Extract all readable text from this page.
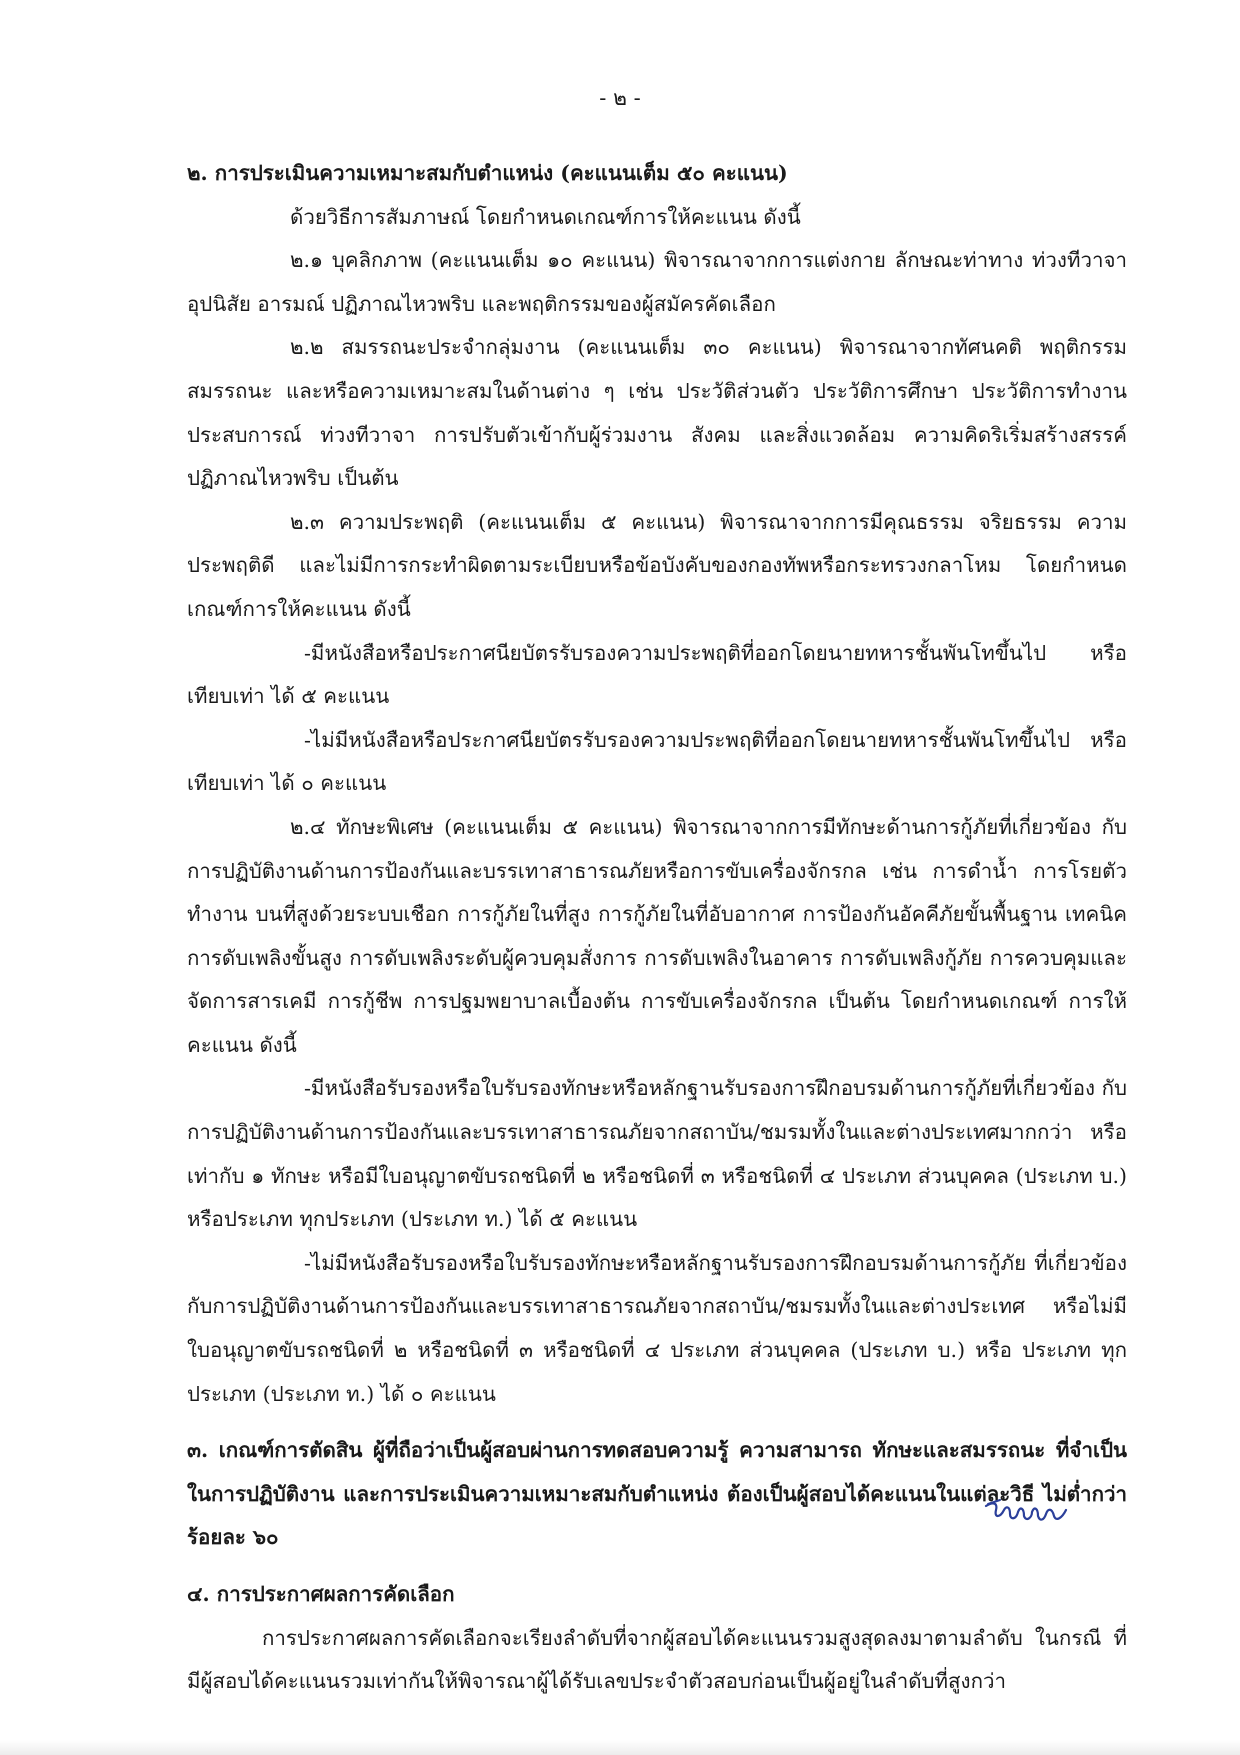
- ๒ -

๒. การประเมินความเหมาะสมกับตำแหน่ง (คะแนนเต็ม ๕๐ คะแนน)

ด้วยวิธีการสัมภาษณ์ โดยกำหนดเกณฑ์การให้คะแนน ดังนี้

๒.๑ บุคลิกภาพ (คะแนนเต็ม ๑๐ คะแนน) พิจารณาจากการแต่งกาย ลักษณะท่าทาง ท่วงทีวาจา อุปนิสัย อารมณ์ ปฏิภาณไหวพริบ และพฤติกรรมของผู้สมัครคัดเลือก

๒.๒ สมรรถนะประจำกลุ่มงาน (คะแนนเต็ม ๓๐ คะแนน) พิจารณาจากทัศนคติ พฤติกรรม สมรรถนะ และหรือความเหมาะสมในด้านต่าง ๆ เช่น ประวัติส่วนตัว ประวัติการศึกษา ประวัติการทำงาน ประสบการณ์ ท่วงทีวาจา การปรับตัวเข้ากับผู้ร่วมงาน สังคม และสิ่งแวดล้อม ความคิดริเริ่มสร้างสรรค์ ปฏิภาณไหวพริบ เป็นต้น

๒.๓ ความประพฤติ (คะแนนเต็ม ๕ คะแนน) พิจารณาจากการมีคุณธรรม จริยธรรม ความประพฤติดี และไม่มีการกระทำผิดตามระเบียบหรือข้อบังคับของกองทัพหรือกระทรวงกลาโหม โดยกำหนดเกณฑ์การให้คะแนน ดังนี้

-มีหนังสือหรือประกาศนียบัตรรับรองความประพฤติที่ออกโดยนายทหารชั้นพันโทขึ้นไป หรือเทียบเท่า ได้ ๕ คะแนน

-ไม่มีหนังสือหรือประกาศนียบัตรรับรองความประพฤติที่ออกโดยนายทหารชั้นพันโทขึ้นไป หรือเทียบเท่า ได้ ๐ คะแนน

๒.๔ ทักษะพิเศษ (คะแนนเต็ม ๕ คะแนน) พิจารณาจากการมีทักษะด้านการกู้ภัยที่เกี่ยวข้อง กับการปฏิบัติงานด้านการป้องกันและบรรเทาสาธารณภัยหรือการขับเครื่องจักรกล เช่น การดำน้ำ การโรยตัวทำงาน บนที่สูงด้วยระบบเชือก การกู้ภัยในที่สูง การกู้ภัยในที่อับอากาศ การป้องกันอัคคีภัยขั้นพื้นฐาน เทคนิค การดับเพลิงขั้นสูง การดับเพลิงระดับผู้ควบคุมสั่งการ การดับเพลิงในอาคาร การดับเพลิงกู้ภัย การควบคุมและ จัดการสารเคมี การกู้ชีพ การปฐมพยาบาลเบื้องต้น การขับเครื่องจักรกล เป็นต้น โดยกำหนดเกณฑ์ การให้คะแนน ดังนี้

-มีหนังสือรับรองหรือใบรับรองทักษะหรือหลักฐานรับรองการฝึกอบรมด้านการกู้ภัยที่เกี่ยวข้อง กับการปฏิบัติงานด้านการป้องกันและบรรเทาสาธารณภัยจากสถาบัน/ชมรมทั้งในและต่างประเทศมากกว่า หรือเท่ากับ ๑ ทักษะ หรือมีใบอนุญาตขับรถชนิดที่ ๒ หรือชนิดที่ ๓ หรือชนิดที่ ๔ ประเภท ส่วนบุคคล (ประเภท บ.) หรือประเภท ทุกประเภท (ประเภท ท.) ได้ ๕ คะแนน

-ไม่มีหนังสือรับรองหรือใบรับรองทักษะหรือหลักฐานรับรองการฝึกอบรมด้านการกู้ภัย ที่เกี่ยวข้องกับการปฏิบัติงานด้านการป้องกันและบรรเทาสาธารณภัยจากสถาบัน/ชมรมทั้งในและต่างประเทศ หรือไม่มีใบอนุญาตขับรถชนิดที่ ๒ หรือชนิดที่ ๓ หรือชนิดที่ ๔ ประเภท ส่วนบุคคล (ประเภท บ.) หรือ ประเภท ทุกประเภท (ประเภท ท.) ได้ ๐ คะแนน

๓. เกณฑ์การตัดสิน ผู้ที่ถือว่าเป็นผู้สอบผ่านการทดสอบความรู้ ความสามารถ ทักษะและสมรรถนะ ที่จำเป็นในการปฏิบัติงาน และการประเมินความเหมาะสมกับตำแหน่ง ต้องเป็นผู้สอบได้คะแนนในแต่ละวิธี ไม่ต่ำกว่าร้อยละ ๖๐

๔. การประกาศผลการคัดเลือก

การประกาศผลการคัดเลือกจะเรียงลำดับที่จากผู้สอบได้คะแนนรวมสูงสุดลงมาตามลำดับ ในกรณี ที่มีผู้สอบได้คะแนนรวมเท่ากันให้พิจารณาผู้ได้รับเลขประจำตัวสอบก่อนเป็นผู้อยู่ในลำดับที่สูงกว่า
